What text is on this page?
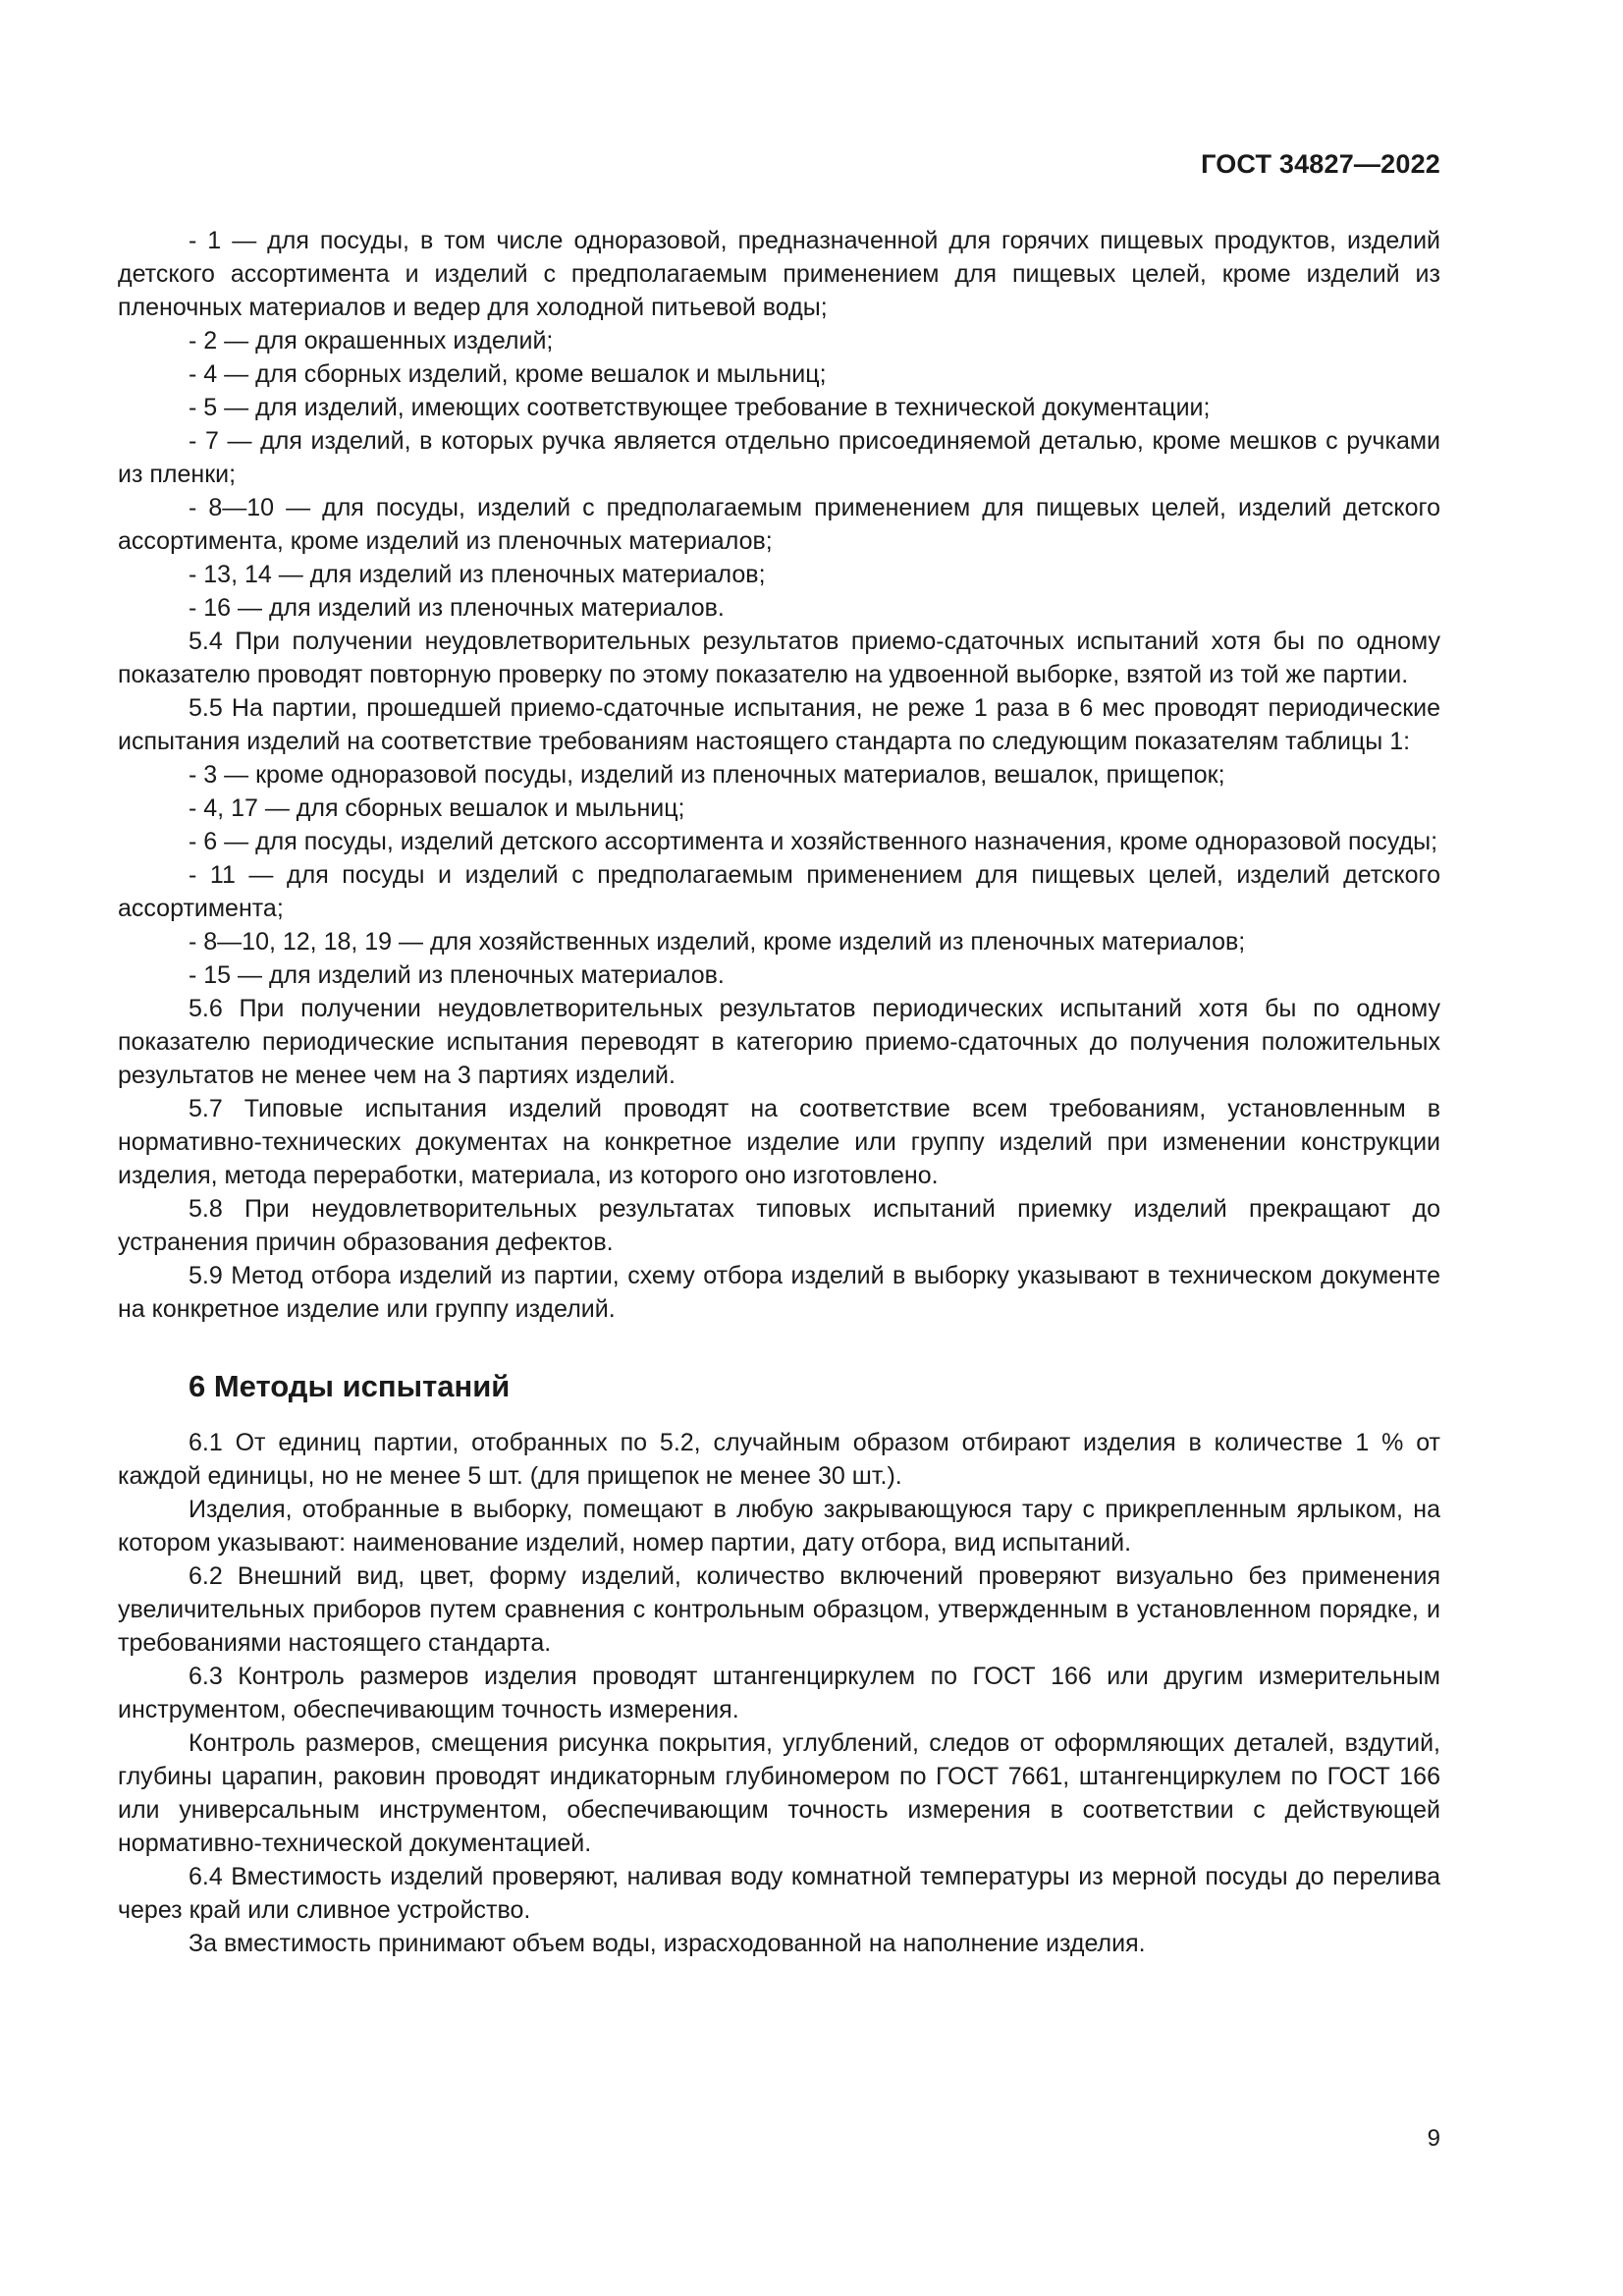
ГОСТ 34827—2022

- 1 — для посуды, в том числе одноразовой, предназначенной для горячих пищевых продуктов, изделий детского ассортимента и изделий с предполагаемым применением для пищевых целей, кроме изделий из пленочных материалов и ведер для холодной питьевой воды;

- 2 — для окрашенных изделий;

- 4 — для сборных изделий, кроме вешалок и мыльниц;

- 5 — для изделий, имеющих соответствующее требование в технической документации;

- 7 — для изделий, в которых ручка является отдельно присоединяемой деталью, кроме мешков с ручками из пленки;

- 8—10 — для посуды, изделий с предполагаемым применением для пищевых целей, изделий детского ассортимента, кроме изделий из пленочных материалов;

- 13, 14 — для изделий из пленочных материалов;

- 16 — для изделий из пленочных материалов.

5.4 При получении неудовлетворительных результатов приемо-сдаточных испытаний хотя бы по одному показателю проводят повторную проверку по этому показателю на удвоенной выборке, взятой из той же партии.

5.5 На партии, прошедшей приемо-сдаточные испытания, не реже 1 раза в 6 мес проводят периодические испытания изделий на соответствие требованиям настоящего стандарта по следующим показателям таблицы 1:

- 3 — кроме одноразовой посуды, изделий из пленочных материалов, вешалок, прищепок;

- 4, 17 — для сборных вешалок и мыльниц;

- 6 — для посуды, изделий детского ассортимента и хозяйственного назначения, кроме одноразовой посуды;

- 11 — для посуды и изделий с предполагаемым применением для пищевых целей, изделий детского ассортимента;

- 8—10, 12, 18, 19 — для хозяйственных изделий, кроме изделий из пленочных материалов;

- 15 — для изделий из пленочных материалов.

5.6 При получении неудовлетворительных результатов периодических испытаний хотя бы по одному показателю периодические испытания переводят в категорию приемо-сдаточных до получения положительных результатов не менее чем на 3 партиях изделий.

5.7 Типовые испытания изделий проводят на соответствие всем требованиям, установленным в нормативно-технических документах на конкретное изделие или группу изделий при изменении конструкции изделия, метода переработки, материала, из которого оно изготовлено.

5.8 При неудовлетворительных результатах типовых испытаний приемку изделий прекращают до устранения причин образования дефектов.

5.9 Метод отбора изделий из партии, схему отбора изделий в выборку указывают в техническом документе на конкретное изделие или группу изделий.

6 Методы испытаний

6.1 От единиц партии, отобранных по 5.2, случайным образом отбирают изделия в количестве 1 % от каждой единицы, но не менее 5 шт. (для прищепок не менее 30 шт.).

Изделия, отобранные в выборку, помещают в любую закрывающуюся тару с прикрепленным ярлыком, на котором указывают: наименование изделий, номер партии, дату отбора, вид испытаний.

6.2 Внешний вид, цвет, форму изделий, количество включений проверяют визуально без применения увеличительных приборов путем сравнения с контрольным образцом, утвержденным в установленном порядке, и требованиями настоящего стандарта.

6.3 Контроль размеров изделия проводят штангенциркулем по ГОСТ 166 или другим измерительным инструментом, обеспечивающим точность измерения.

Контроль размеров, смещения рисунка покрытия, углублений, следов от оформляющих деталей, вздутий, глубины царапин, раковин проводят индикаторным глубиномером по ГОСТ 7661, штангенциркулем по ГОСТ 166 или универсальным инструментом, обеспечивающим точность измерения в соответствии с действующей нормативно-технической документацией.

6.4 Вместимость изделий проверяют, наливая воду комнатной температуры из мерной посуды до перелива через край или сливное устройство.

За вместимость принимают объем воды, израсходованной на наполнение изделия.

9
